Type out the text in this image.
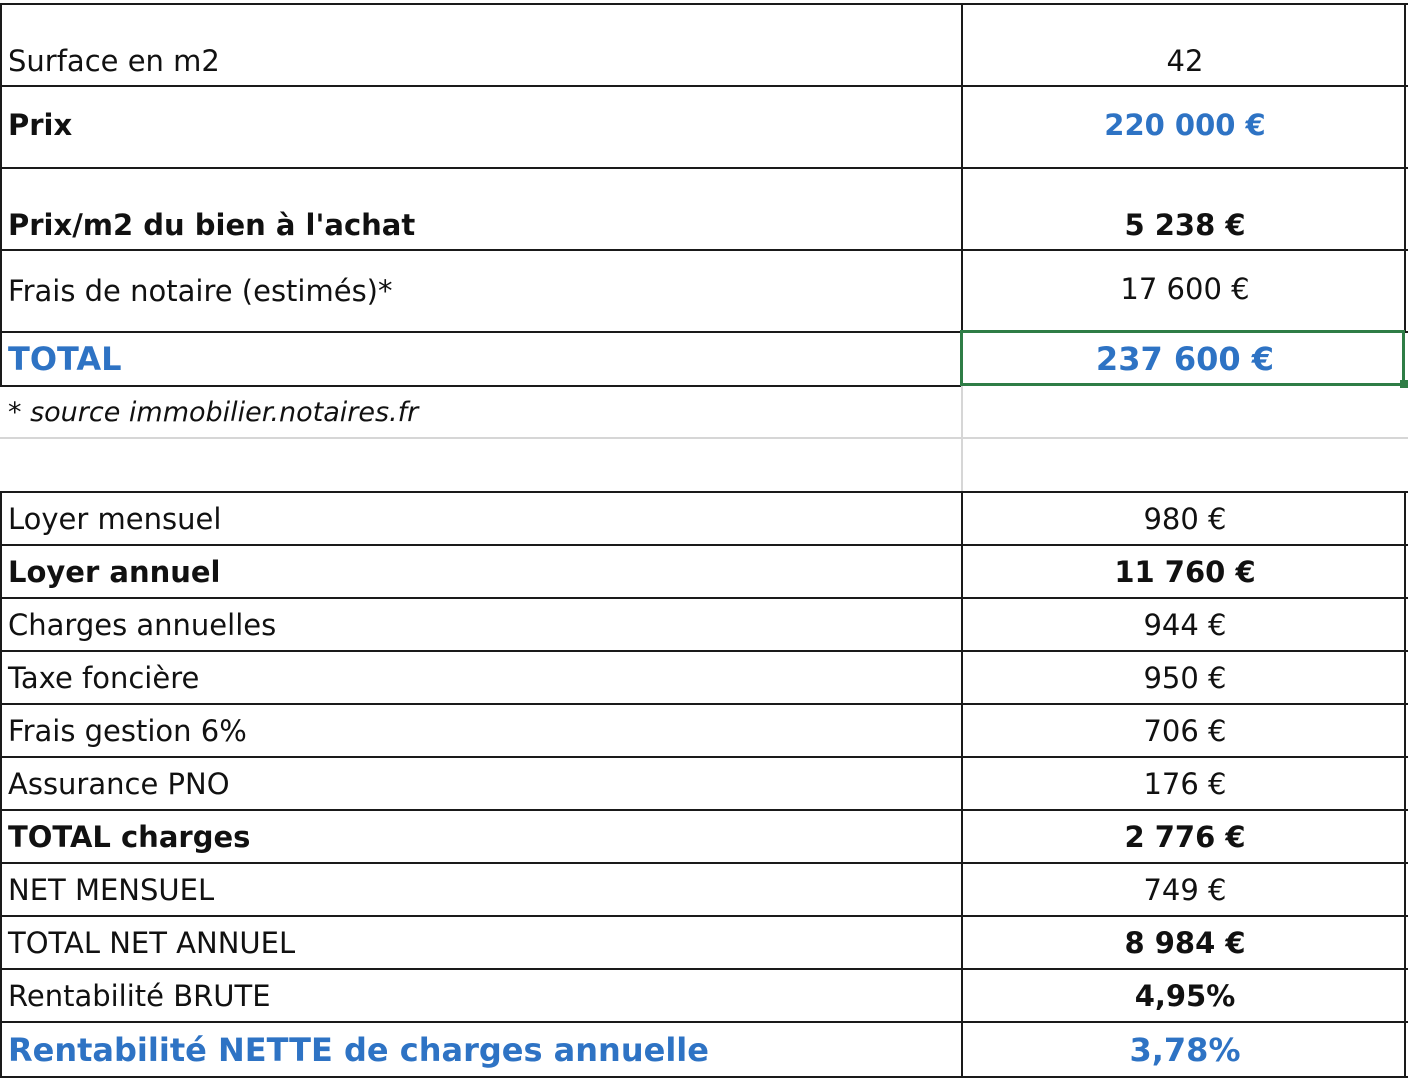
Surface en m2	42
Prix	220 000 €
Prix/m2 du bien à l'achat	5 238 €
Frais de notaire (estimés)*	17 600 €
TOTAL	237 600 €
* source immobilier.notaires.fr
Loyer mensuel	980 €
Loyer annuel	11 760 €
Charges annuelles	944 €
Taxe foncière	950 €
Frais gestion 6%	706 €
Assurance PNO	176 €
TOTAL charges	2 776 €
NET MENSUEL	749 €
TOTAL NET ANNUEL	8 984 €
Rentabilité BRUTE	4,95%
Rentabilité NETTE de charges annuelle	3,78%
